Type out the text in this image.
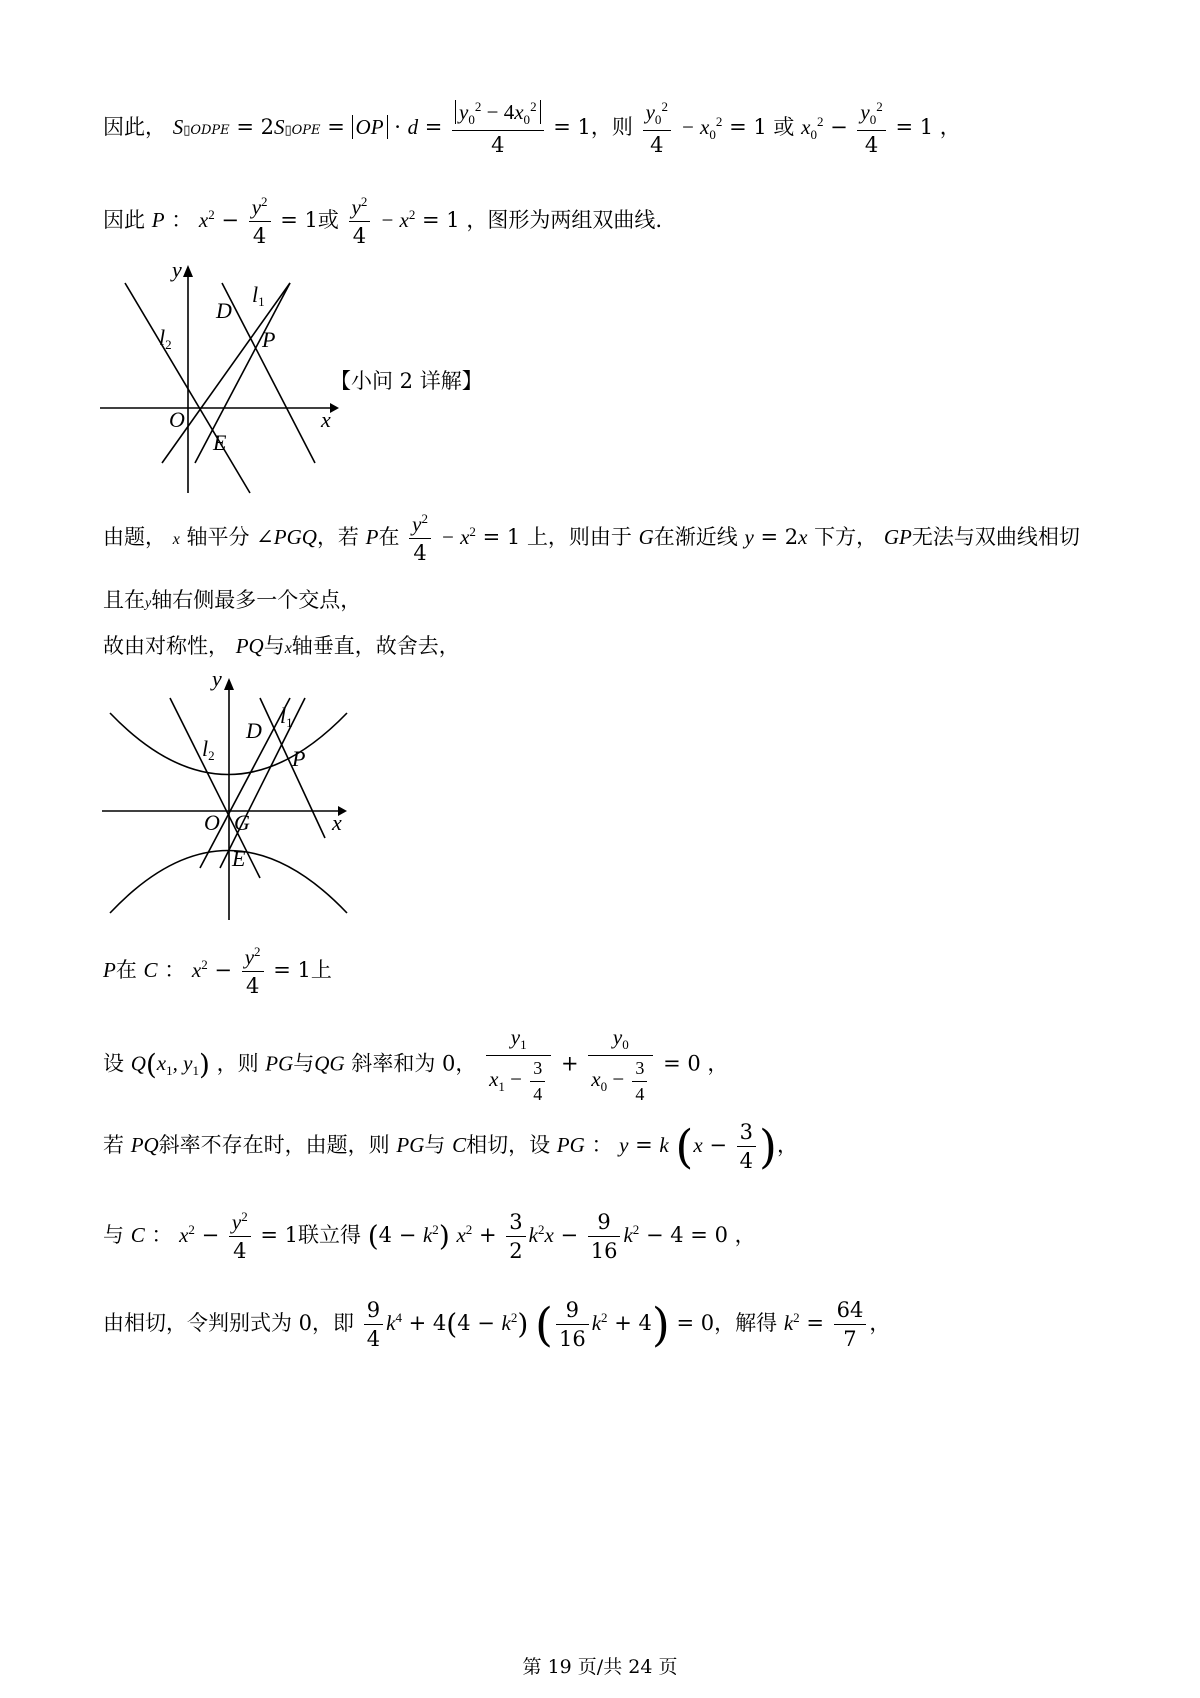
因此， S▯ODPE = 2S▯OPE = OP · $d = \frac{y_0^2 - 4x_0^2}{4} = 1$，则 $\frac{y_0^2}{4} - x_0^2 = 1$ 或 $x_0^2 - \frac{y_0^2}{4} = 1$ ，
因此 P ： $x^2 - \frac{y^2}{4} = 1$或 $\frac{y^2}{4} - x^2 = 1$ ，图形为两组双曲线.
y
x
O
D
E
P
l1
l2
【小问 2 详解】
由题， x 轴平分 ∠PGQ，若 P在 $\frac{y^2}{4} - x^2 = 1$ 上，则由于 G在渐近线 y = 2x 下方， GP无法与双曲线相切
且在y轴右侧最多一个交点，
故由对称性， PQ与x轴垂直，故舍去，
y
x
O G
D
E
P
l1
l2
P在 C ： $x^2 - \frac{y^2}{4} = 1$上
设 $Q(x_1$, $y_1$) ，则 PG与QG 斜率和为 0， $\frac{y_1}{x_1 - \frac{3}{4}} + \frac{y_0}{x_0 - \frac{3}{4}} = 0$ ，
若 PQ斜率不存在时，由题，则 PG与 C相切，设 PG ： y = k ($x - \frac{3}{4}$ )，
与 C ： $x^2 - \frac{y^2}{4} = 1$联立得 $(4 - k^2)$ $x^2 + \frac{3}{2} k^2x - \frac{9}{16} k^2 - 4 = 0$ ，
由相切，令判别式为 0，即 $\frac{9}{4} k^4 + 4(4 - k^2)$ ( $\frac{9}{16} k^2 + 4) = 0$，解得 $k^2 = \frac{64}{7}$ ，
第 19 页/共 24 页
